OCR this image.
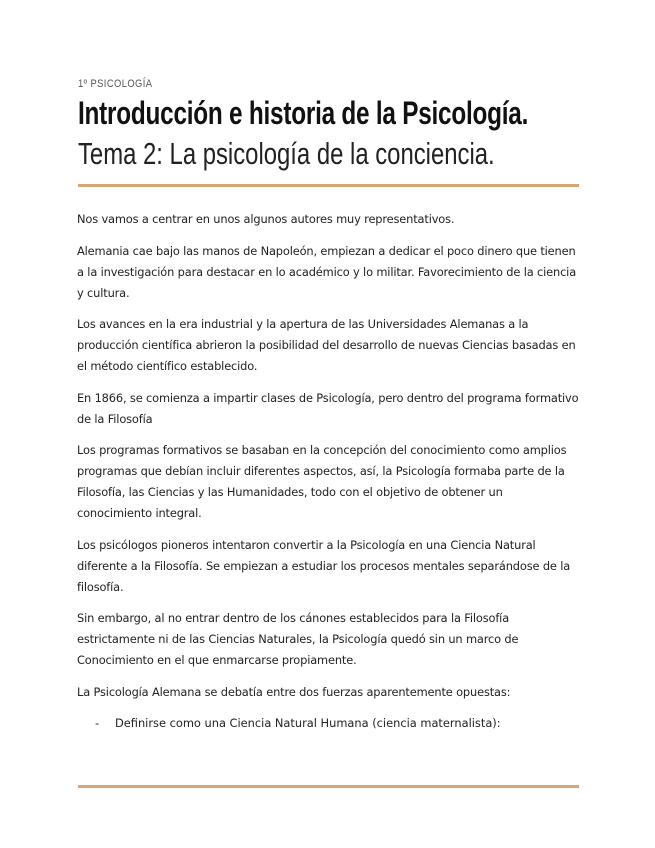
1º PSICOLOGÍA
Introducción e historia de la Psicología.
Tema 2: La psicología de la conciencia.

Nos vamos a centrar en unos algunos autores muy representativos.

Alemania cae bajo las manos de Napoleón, empiezan a dedicar el poco dinero que tienen a la investigación para destacar en lo académico y lo militar. Favorecimiento de la ciencia y cultura.

Los avances en la era industrial y la apertura de las Universidades Alemanas a la producción científica abrieron la posibilidad del desarrollo de nuevas Ciencias basadas en el método científico establecido.

En 1866, se comienza a impartir clases de Psicología, pero dentro del programa formativo de la Filosofía

Los programas formativos se basaban en la concepción del conocimiento como amplios programas que debían incluir diferentes aspectos, así, la Psicología formaba parte de la Filosofía, las Ciencias y las Humanidades, todo con el objetivo de obtener un conocimiento integral.

Los psicólogos pioneros intentaron convertir a la Psicología en una Ciencia Natural diferente a la Filosofía. Se empiezan a estudiar los procesos mentales separándose de la filosofía.

Sin embargo, al no entrar dentro de los cánones establecidos para la Filosofía estrictamente ni de las Ciencias Naturales, la Psicología quedó sin un marco de Conocimiento en el que enmarcarse propiamente.

La Psicología Alemana se debatía entre dos fuerzas aparentemente opuestas:

-	Definirse como una Ciencia Natural Humana (ciencia maternalista):
